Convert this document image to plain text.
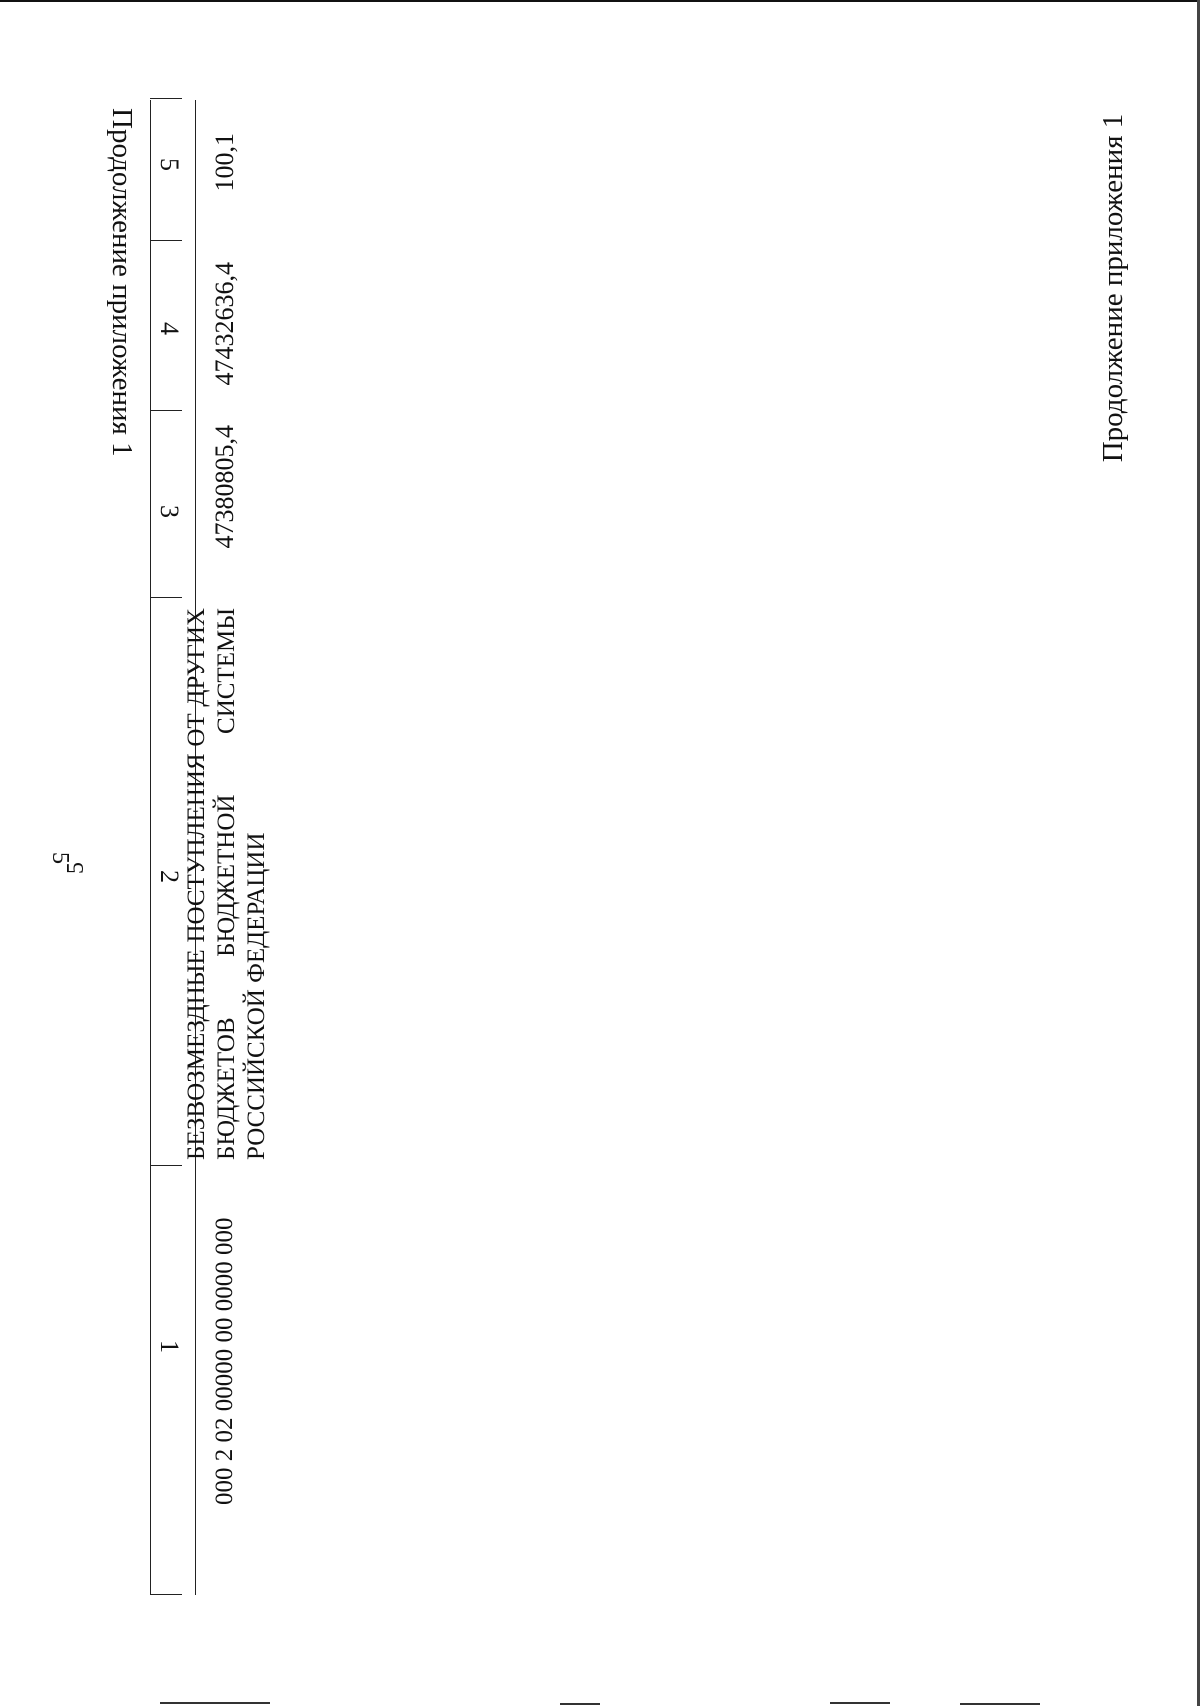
5
Продолжение приложения 1
5
Продолжение приложения 1
1
2
3
4
5
000 2 02 00000 00 0000 000
БЕЗВОЗМЕЗДНЫЕ ПОСТУПЛЕНИЯ ОТ ДРУГИХ БЮДЖЕТОВ БЮДЖЕТНОЙ СИСТЕМЫ РОССИЙСКОЙ ФЕДЕРАЦИИ
47380805,4
47432636,4
100,1
